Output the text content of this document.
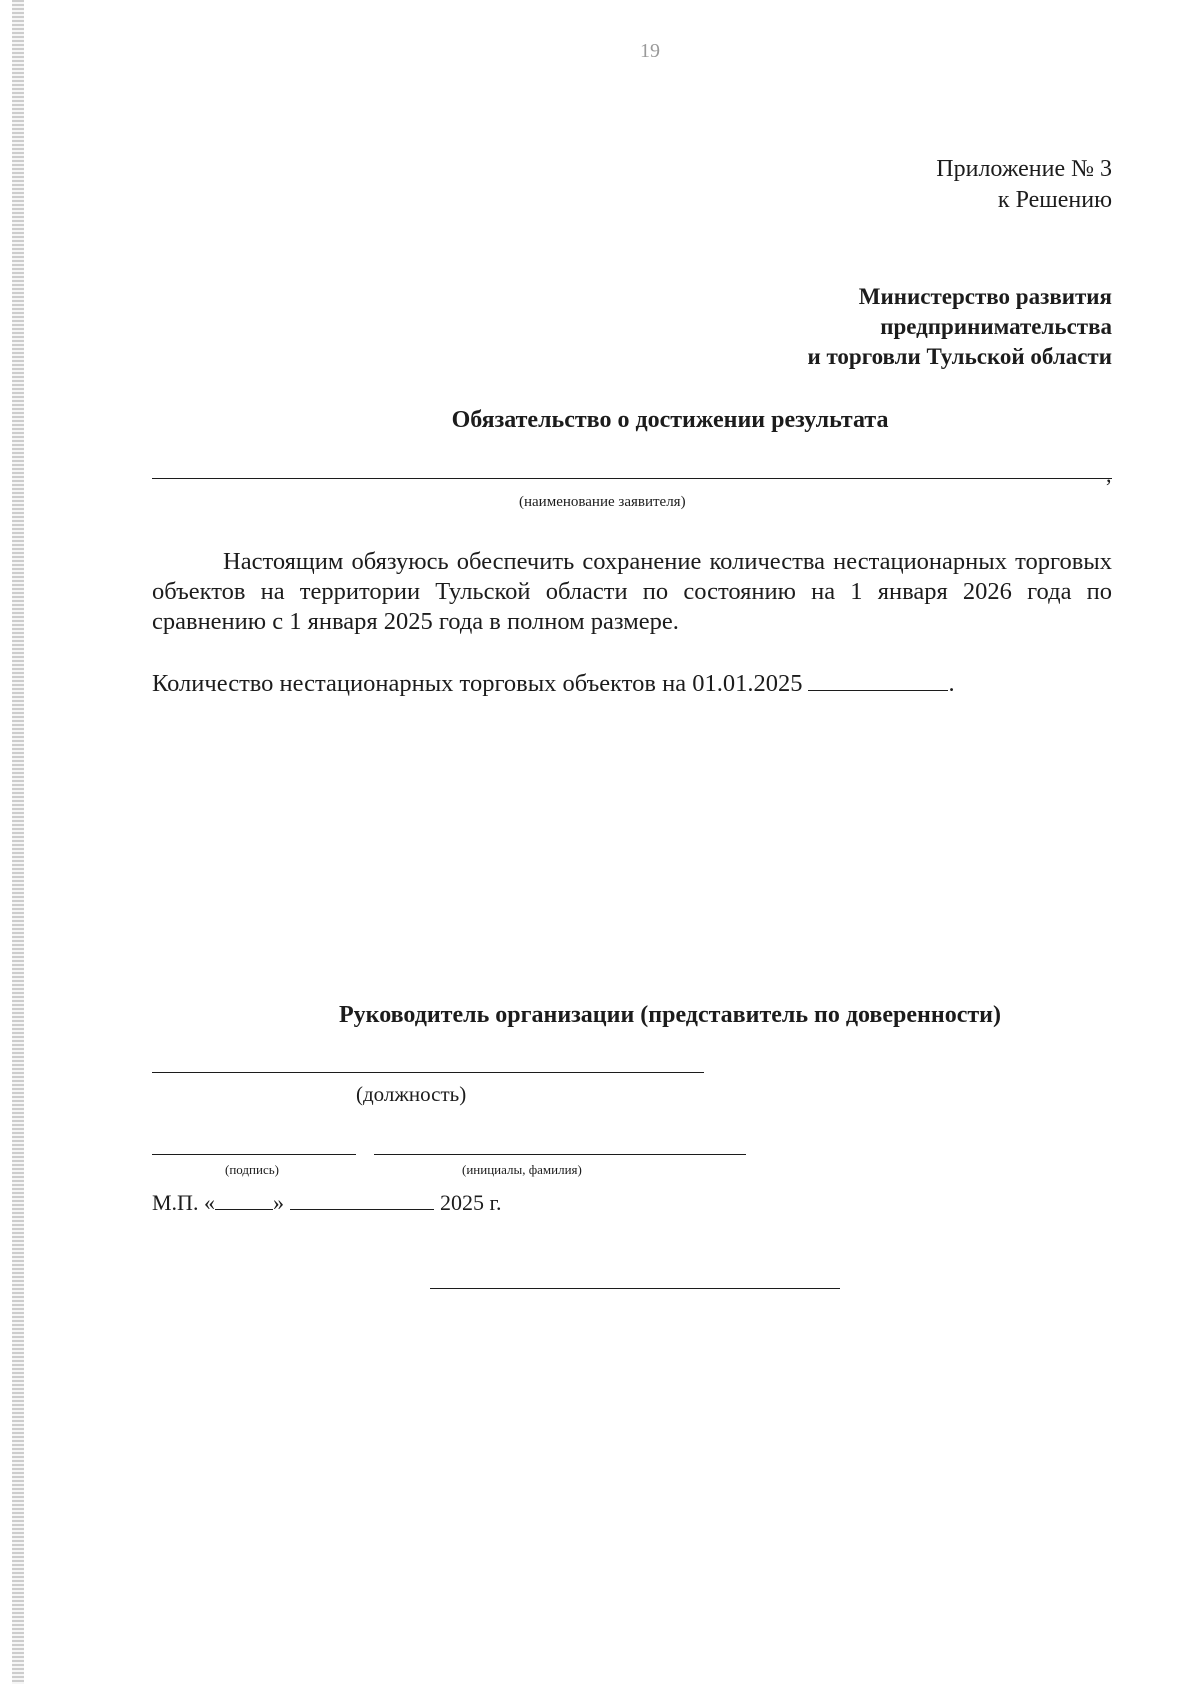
19
Приложение № 3
к Решению
Министерство развития
предпринимательства
и торговли Тульской области
Обязательство о достижении результата
,
(наименование заявителя)
Настоящим обязуюсь обеспечить сохранение количества нестационарных торговых объектов на территории Тульской области по состоянию на 1 января 2026 года по сравнению с 1 января 2025 года в полном размере.
Количество нестационарных торговых объектов на 01.01.2025	.
Руководитель организации (представитель по доверенности)
(должность)
(подпись)	(инициалы, фамилия)
М.П. «	»	2025 г.
